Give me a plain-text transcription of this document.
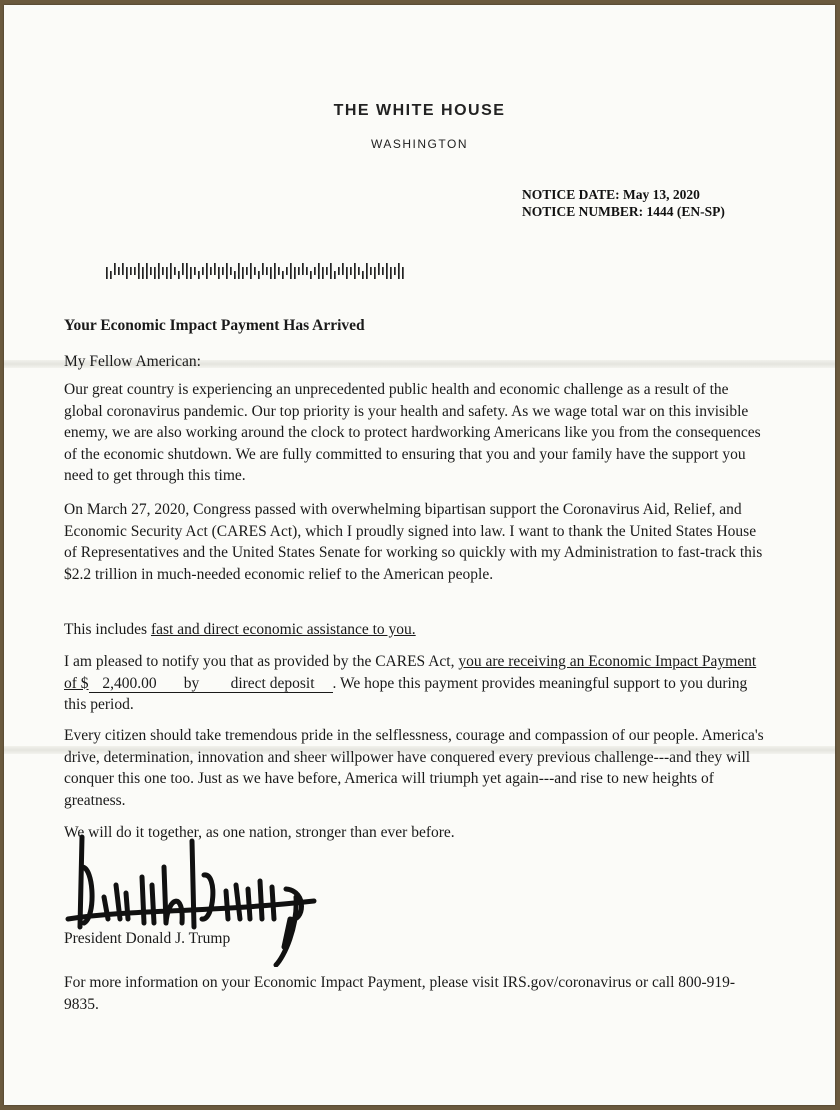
THE WHITE HOUSE
WASHINGTON
NOTICE DATE: May 13, 2020
NOTICE NUMBER: 1444 (EN-SP)
Your Economic Impact Payment Has Arrived
My Fellow American:
Our great country is experiencing an unprecedented public health and economic challenge as a result of the global coronavirus pandemic. Our top priority is your health and safety. As we wage total war on this invisible enemy, we are also working around the clock to protect hardworking Americans like you from the consequences of the economic shutdown. We are fully committed to ensuring that you and your family have the support you need to get through this time.
On March 27, 2020, Congress passed with overwhelming bipartisan support the Coronavirus Aid, Relief, and Economic Security Act (CARES Act), which I proudly signed into law. I want to thank the United States House of Representatives and the United States Senate for working so quickly with my Administration to fast-track this $2.2 trillion in much-needed economic relief to the American people.
This includes fast and direct economic assistance to you.
I am pleased to notify you that as provided by the CARES Act, you are receiving an Economic Impact Payment of $ 2,400.00 by direct deposit . We hope this payment provides meaningful support to you during this period.
Every citizen should take tremendous pride in the selflessness, courage and compassion of our people. America's drive, determination, innovation and sheer willpower have conquered every previous challenge---and they will conquer this one too. Just as we have before, America will triumph yet again---and rise to new heights of greatness.
We will do it together, as one nation, stronger than ever before.
President Donald J. Trump
For more information on your Economic Impact Payment, please visit IRS.gov/coronavirus or call 800-919-9835.
